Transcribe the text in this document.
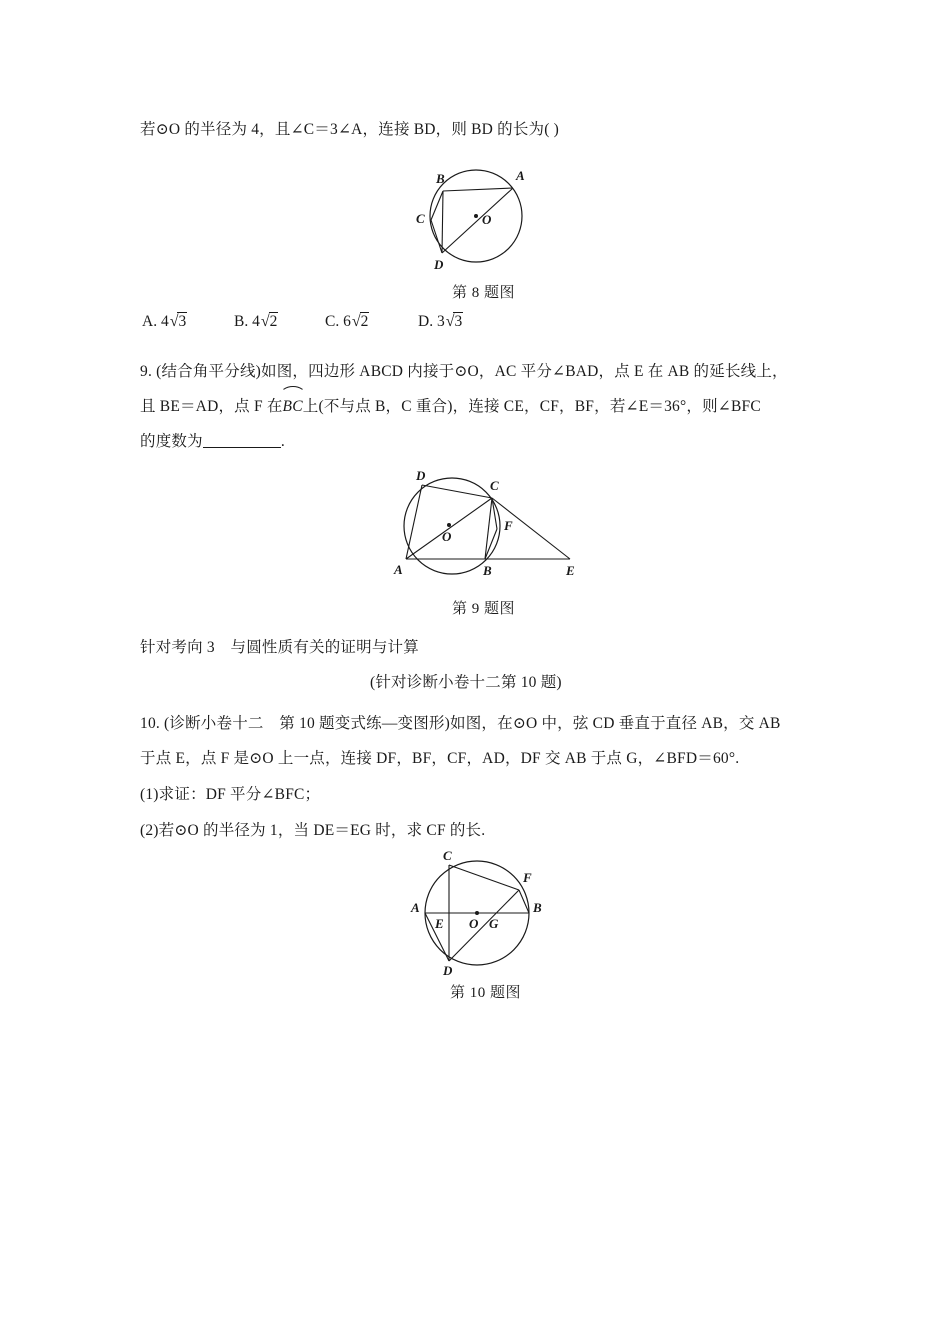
若⊙O 的半径为 4，且∠C＝3∠A，连接 BD，则 BD 的长为( )
A
B
C
D
O
第 8 题图
A. 4√3	B. 4√2	C. 6√2	D. 3√3
9. (结合角平分线)如图，四边形 ABCD 内接于⊙O，AC 平分∠BAD，点 E 在 AB 的延长线上，
且 BE＝AD，点 F 在
BC上(不与点 B，C 重合)，连接 CE，CF，BF，若∠E＝36°，则∠BFC
的度数为	.
A	B
C
D
E
F
O
第 9 题图
针对考向 3　与圆性质有关的证明与计算
(针对诊断小卷十二第 10 题)
10. (诊断小卷十二　第 10 题变式练—变图形)如图，在⊙O 中，弦 CD 垂直于直径 AB，交 AB
于点 E，点 F 是⊙O 上一点，连接 DF，BF，CF，AD，DF 交 AB 于点 G，∠BFD＝60°.
(1)求证：DF 平分∠BFC；
(2)若⊙O 的半径为 1，当 DE＝EG 时，求 CF 的长.
A	B
C
D
E
F
G
O
第 10 题图
